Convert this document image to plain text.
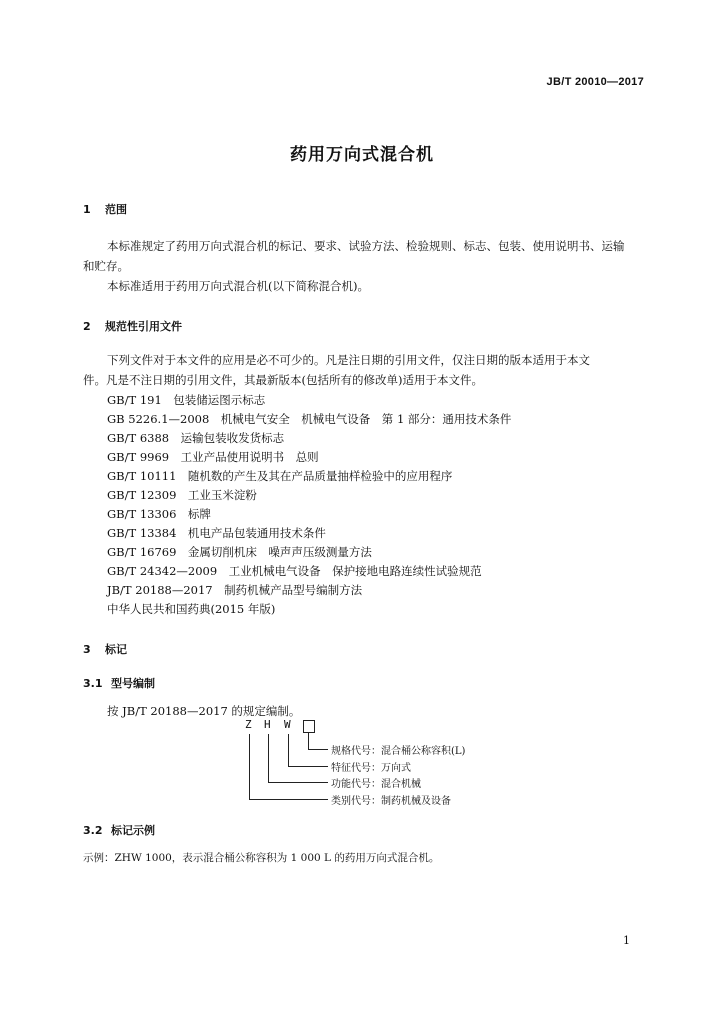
JB/T 20010—2017
药用万向式混合机
1 范围
本标准规定了药用万向式混合机的标记、要求、试验方法、检验规则、标志、包装、使用说明书、运输
和贮存。
本标准适用于药用万向式混合机(以下简称混合机)。
2 规范性引用文件
下列文件对于本文件的应用是必不可少的。凡是注日期的引用文件，仅注日期的版本适用于本文
件。凡是不注日期的引用文件，其最新版本(包括所有的修改单)适用于本文件。
GB/T 191　包装储运图示标志
GB 5226.1—2008　机械电气安全　机械电气设备　第 1 部分：通用技术条件
GB/T 6388　运输包装收发货标志
GB/T 9969　工业产品使用说明书　总则
GB/T 10111　随机数的产生及其在产品质量抽样检验中的应用程序
GB/T 12309　工业玉米淀粉
GB/T 13306　标牌
GB/T 13384　机电产品包装通用技术条件
GB/T 16769　金属切削机床　噪声声压级测量方法
GB/T 24342—2009　工业机械电气设备　保护接地电路连续性试验规范
JB/T 20188—2017　制药机械产品型号编制方法
中华人民共和国药典(2015 年版)
3 标记
3.1 型号编制
按 JB/T 20188—2017 的规定编制。
Z H W
规格代号：混合桶公称容积(L)
特征代号：万向式
功能代号：混合机械
类别代号：制药机械及设备
3.2 标记示例
示例：ZHW 1000，表示混合桶公称容积为 1 000 L 的药用万向式混合机。
1
